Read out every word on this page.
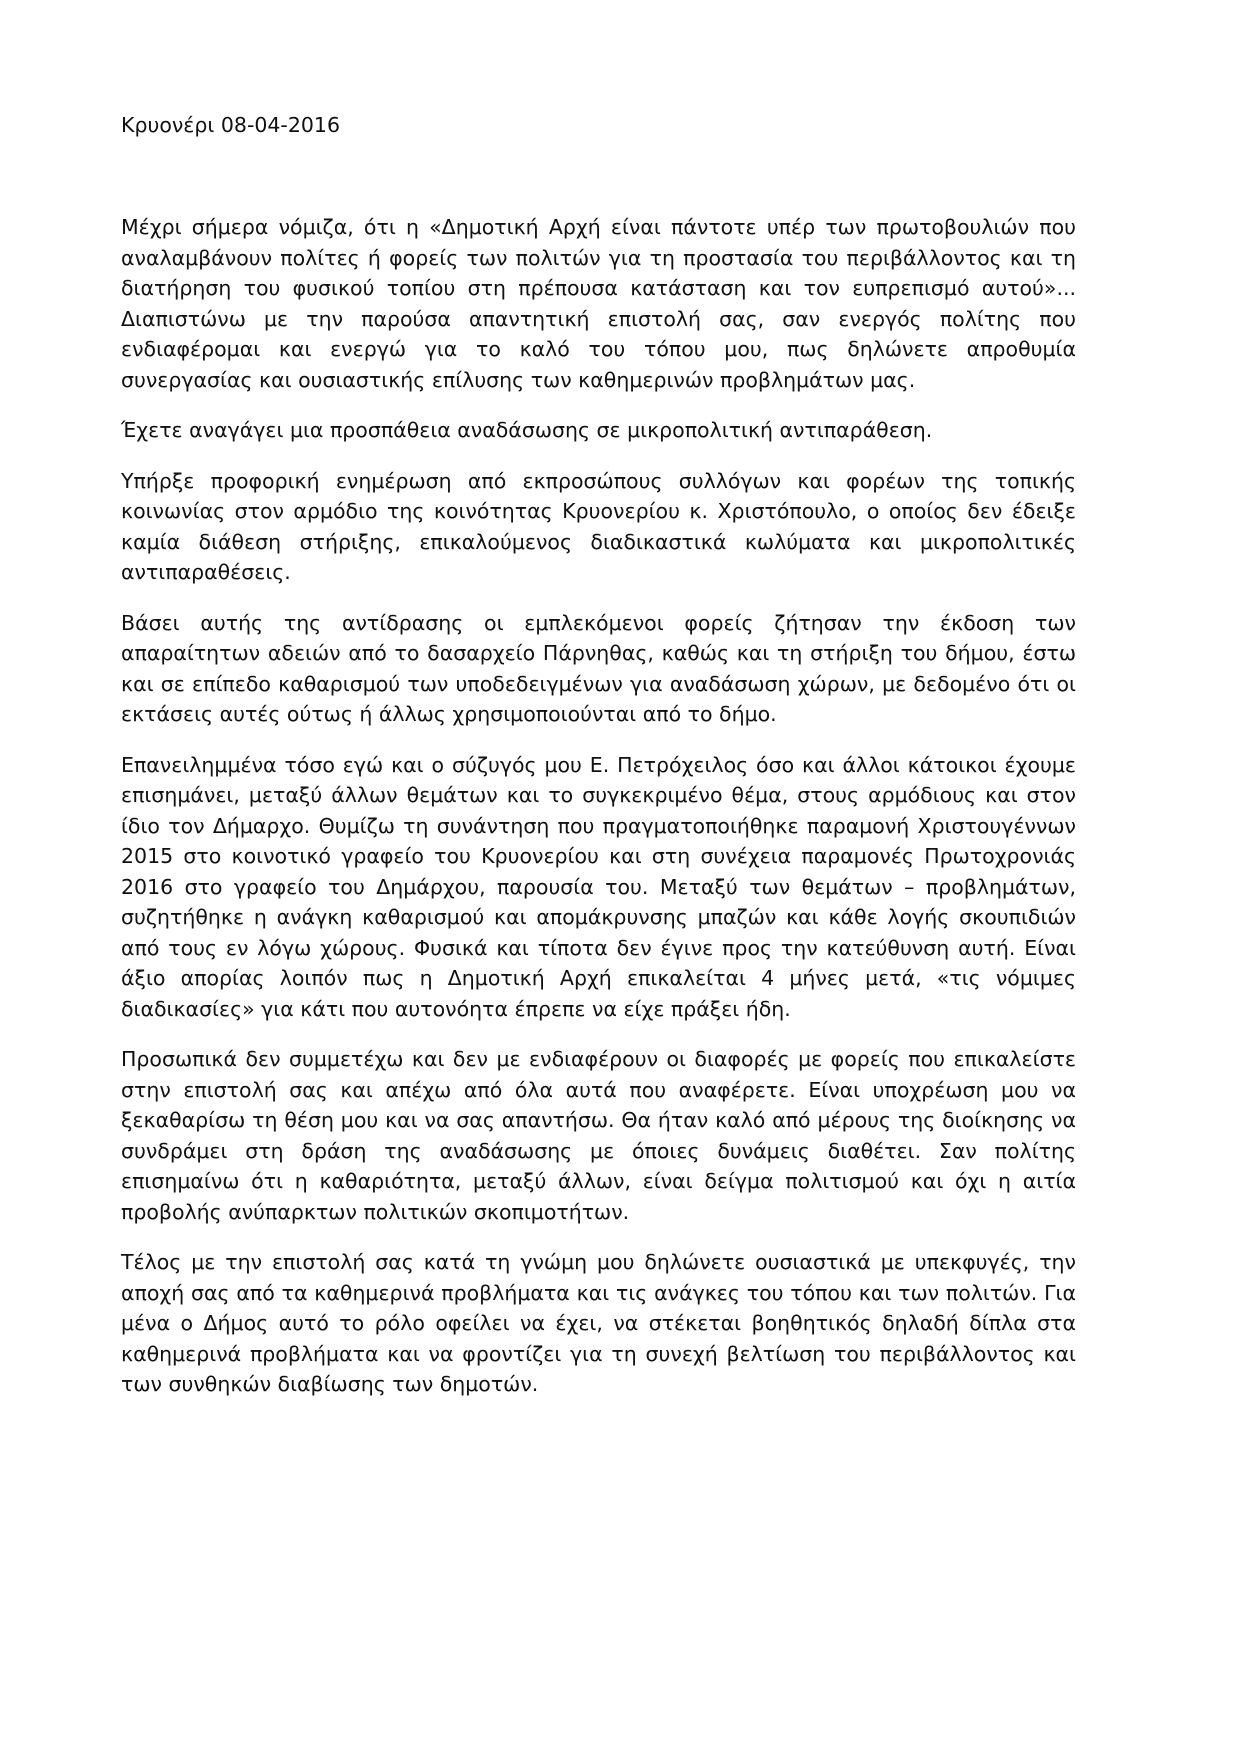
Κρυονέρι 08-04-2016

Μέχρι σήμερα νόμιζα, ότι η «Δημοτική Αρχή είναι πάντοτε υπέρ των πρωτοβουλιών που αναλαμβάνουν πολίτες ή φορείς των πολιτών για τη προστασία του περιβάλλοντος και τη διατήρηση του φυσικού τοπίου στη πρέπουσα κατάσταση και τον ευπρεπισμό αυτού»... Διαπιστώνω με την παρούσα απαντητική επιστολή σας, σαν ενεργός πολίτης που ενδιαφέρομαι και ενεργώ για το καλό του τόπου μου, πως δηλώνετε απροθυμία συνεργασίας και ουσιαστικής επίλυσης των καθημερινών προβλημάτων μας.

Έχετε αναγάγει μια προσπάθεια αναδάσωσης σε μικροπολιτική αντιπαράθεση.

Υπήρξε προφορική ενημέρωση από εκπροσώπους συλλόγων και φορέων της τοπικής κοινωνίας στον αρμόδιο της κοινότητας Κρυονερίου κ. Χριστόπουλο, ο οποίος δεν έδειξε καμία διάθεση στήριξης, επικαλούμενος διαδικαστικά κωλύματα και μικροπολιτικές αντιπαραθέσεις.

Βάσει αυτής της αντίδρασης οι εμπλεκόμενοι φορείς ζήτησαν την έκδοση των απαραίτητων αδειών από το δασαρχείο Πάρνηθας, καθώς και τη στήριξη του δήμου, έστω και σε επίπεδο καθαρισμού των υποδεδειγμένων για αναδάσωση χώρων, με δεδομένο ότι οι εκτάσεις αυτές ούτως ή άλλως χρησιμοποιούνται από το δήμο.

Επανειλημμένα τόσο εγώ και ο σύζυγός μου Ε. Πετρόχειλος όσο και άλλοι κάτοικοι έχουμε επισημάνει, μεταξύ άλλων θεμάτων και το συγκεκριμένο θέμα, στους αρμόδιους και στον ίδιο τον Δήμαρχο. Θυμίζω τη συνάντηση που πραγματοποιήθηκε παραμονή Χριστουγέννων 2015 στο κοινοτικό γραφείο του Κρυονερίου και στη συνέχεια παραμονές Πρωτοχρονιάς 2016 στο γραφείο του Δημάρχου, παρουσία του. Μεταξύ των θεμάτων – προβλημάτων, συζητήθηκε η ανάγκη καθαρισμού και απομάκρυνσης μπαζών και κάθε λογής σκουπιδιών από τους εν λόγω χώρους. Φυσικά και τίποτα δεν έγινε προς την κατεύθυνση αυτή. Είναι άξιο απορίας λοιπόν πως η Δημοτική Αρχή επικαλείται 4 μήνες μετά, «τις νόμιμες διαδικασίες» για κάτι που αυτονόητα έπρεπε να είχε πράξει ήδη.

Προσωπικά δεν συμμετέχω και δεν με ενδιαφέρουν οι διαφορές με φορείς που επικαλείστε στην επιστολή σας και απέχω από όλα αυτά που αναφέρετε. Είναι υποχρέωση μου να ξεκαθαρίσω τη θέση μου και να σας απαντήσω. Θα ήταν καλό από μέρους της διοίκησης να συνδράμει στη δράση της αναδάσωσης με όποιες δυνάμεις διαθέτει. Σαν πολίτης επισημαίνω ότι η καθαριότητα, μεταξύ άλλων, είναι δείγμα πολιτισμού και όχι η αιτία προβολής ανύπαρκτων πολιτικών σκοπιμοτήτων.

Τέλος με την επιστολή σας κατά τη γνώμη μου δηλώνετε ουσιαστικά με υπεκφυγές, την αποχή σας από τα καθημερινά προβλήματα και τις ανάγκες του τόπου και των πολιτών. Για μένα ο Δήμος αυτό το ρόλο οφείλει να έχει, να στέκεται βοηθητικός δηλαδή δίπλα στα καθημερινά προβλήματα και να φροντίζει για τη συνεχή βελτίωση του περιβάλλοντος και των συνθηκών διαβίωσης των δημοτών.
